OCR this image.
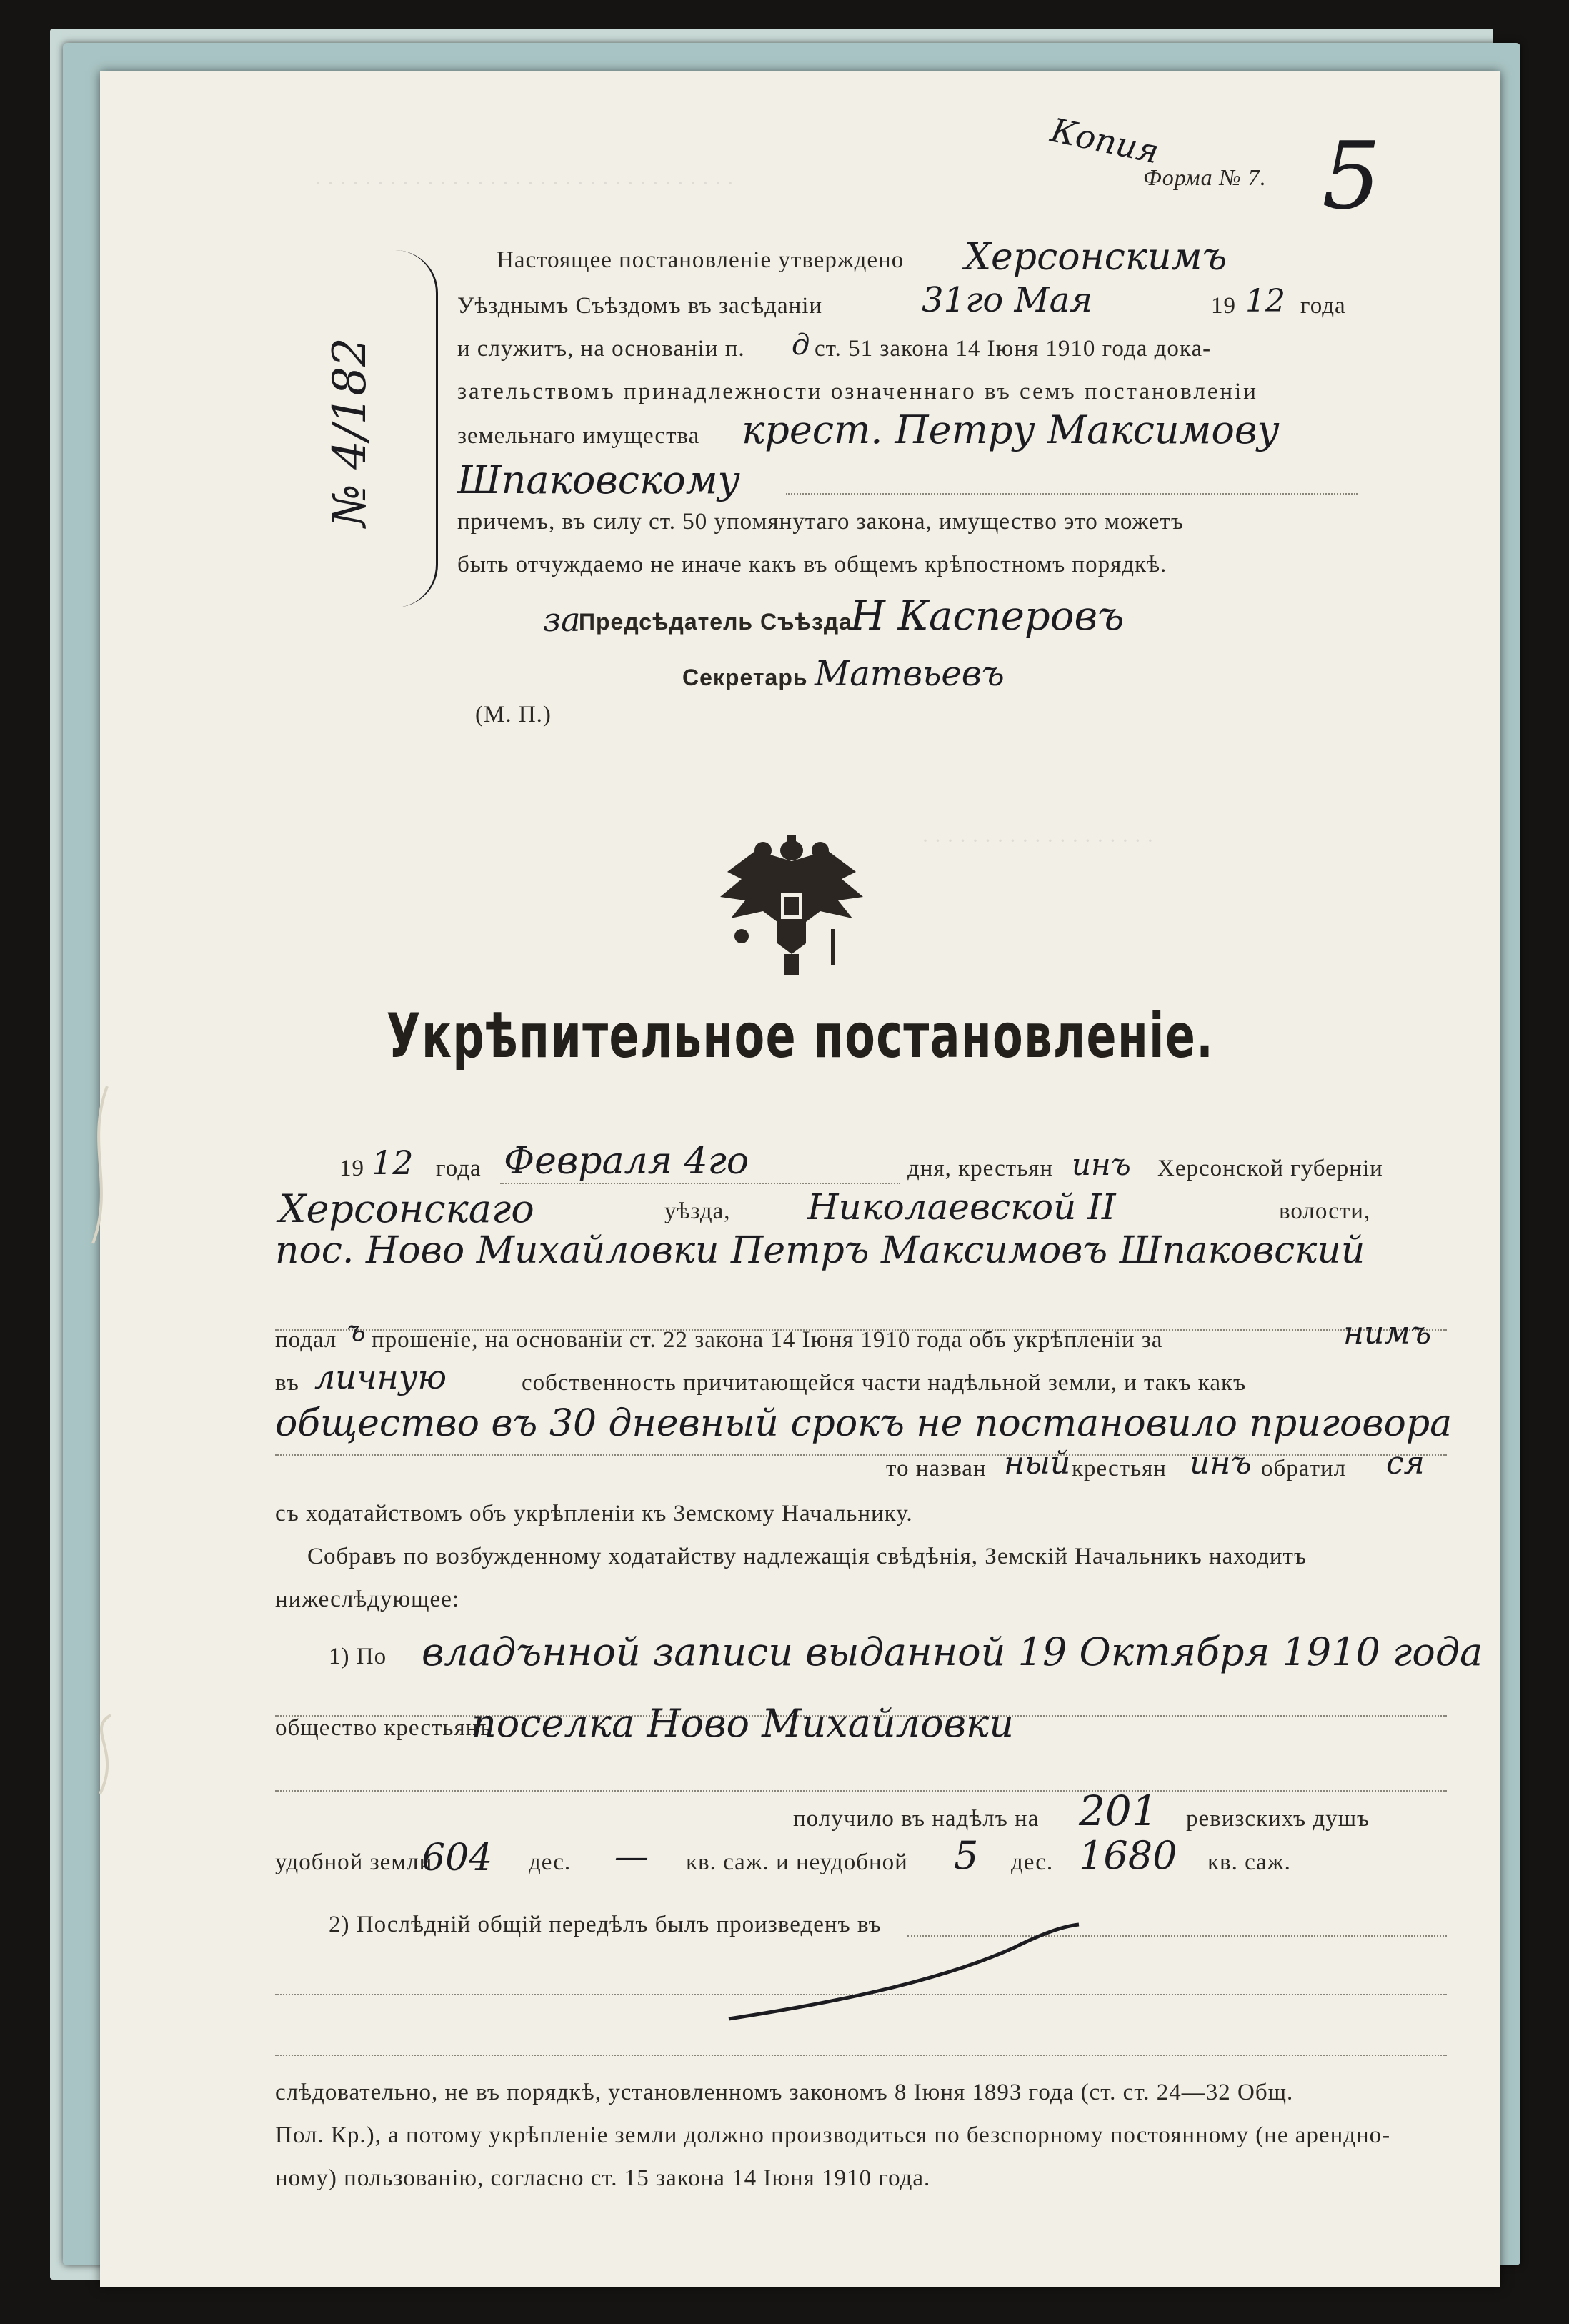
· · · · · · · · · · · · · · · · · · · · · · · · · · · · · · · · · ·
· · · · · · · · · · · · · · · · · · ·
Копия
Форма № 7. 5
№ 4/182
Настоящее постановленіе утверждено Херсонскимъ
Уѣзднымъ Съѣздомъ въ засѣданіи	31го Мая	19 12 года
и служитъ, на основаніи п. д ст. 51 закона 14 Іюня 1910 года дока-
зательствомъ принадлежности означеннаго въ семъ постановленіи
земельнаго имущества крест. Петру Максимову
Шпаковскому
причемъ, въ силу ст. 50 упомянутаго закона, имущество это можетъ
быть отчуждаемо не иначе какъ въ общемъ крѣпостномъ порядкѣ.
за
Предсѣдатель Съѣзда
Н Касперовъ
Секретарь Матвьевъ
(М. П.)
Укрѣпительное постановленіе.
19 12 года Февраля 4го	дня, крестьян инъ Херсонской губерніи
Херсонскаго	уѣзда, Николаевской II	волости,
пос. Ново Михайловки Петръ Максимовъ Шпаковский
подал ъ прошеніе, на основаніи ст. 22 закона 14 Іюня 1910 года объ укрѣпленіи за	нимъ
въ личную	собственность причитающейся части надѣльной земли, и такъ какъ
общество въ 30 дневный срокъ не постановило приговора
то назван ный крестьян инъ обратил ся
съ ходатайствомъ объ укрѣпленіи къ Земскому Начальнику.
Собравъ по возбужденному ходатайству надлежащія свѣдѣнія, Земскій Начальникъ находитъ
нижеслѣдующее:
1) По владънной записи выданной 19 Октября 1910 года
общество крестьянъ
поселка Ново Михайловки
получило въ надѣлъ на 201 ревизскихъ душъ
удобной земли
604 дес. — кв. саж. и неудобной 5 дес. 1680 кв. саж.
2) Послѣдній общій передѣлъ былъ произведенъ въ
слѣдовательно, не въ порядкѣ, установленномъ закономъ 8 Іюня 1893 года (ст. ст. 24—32 Общ.
Пол. Кр.), а потому укрѣпленіе земли должно производиться по безспорному постоянному (не арендно-
ному) пользованію, согласно ст. 15 закона 14 Іюня 1910 года.
